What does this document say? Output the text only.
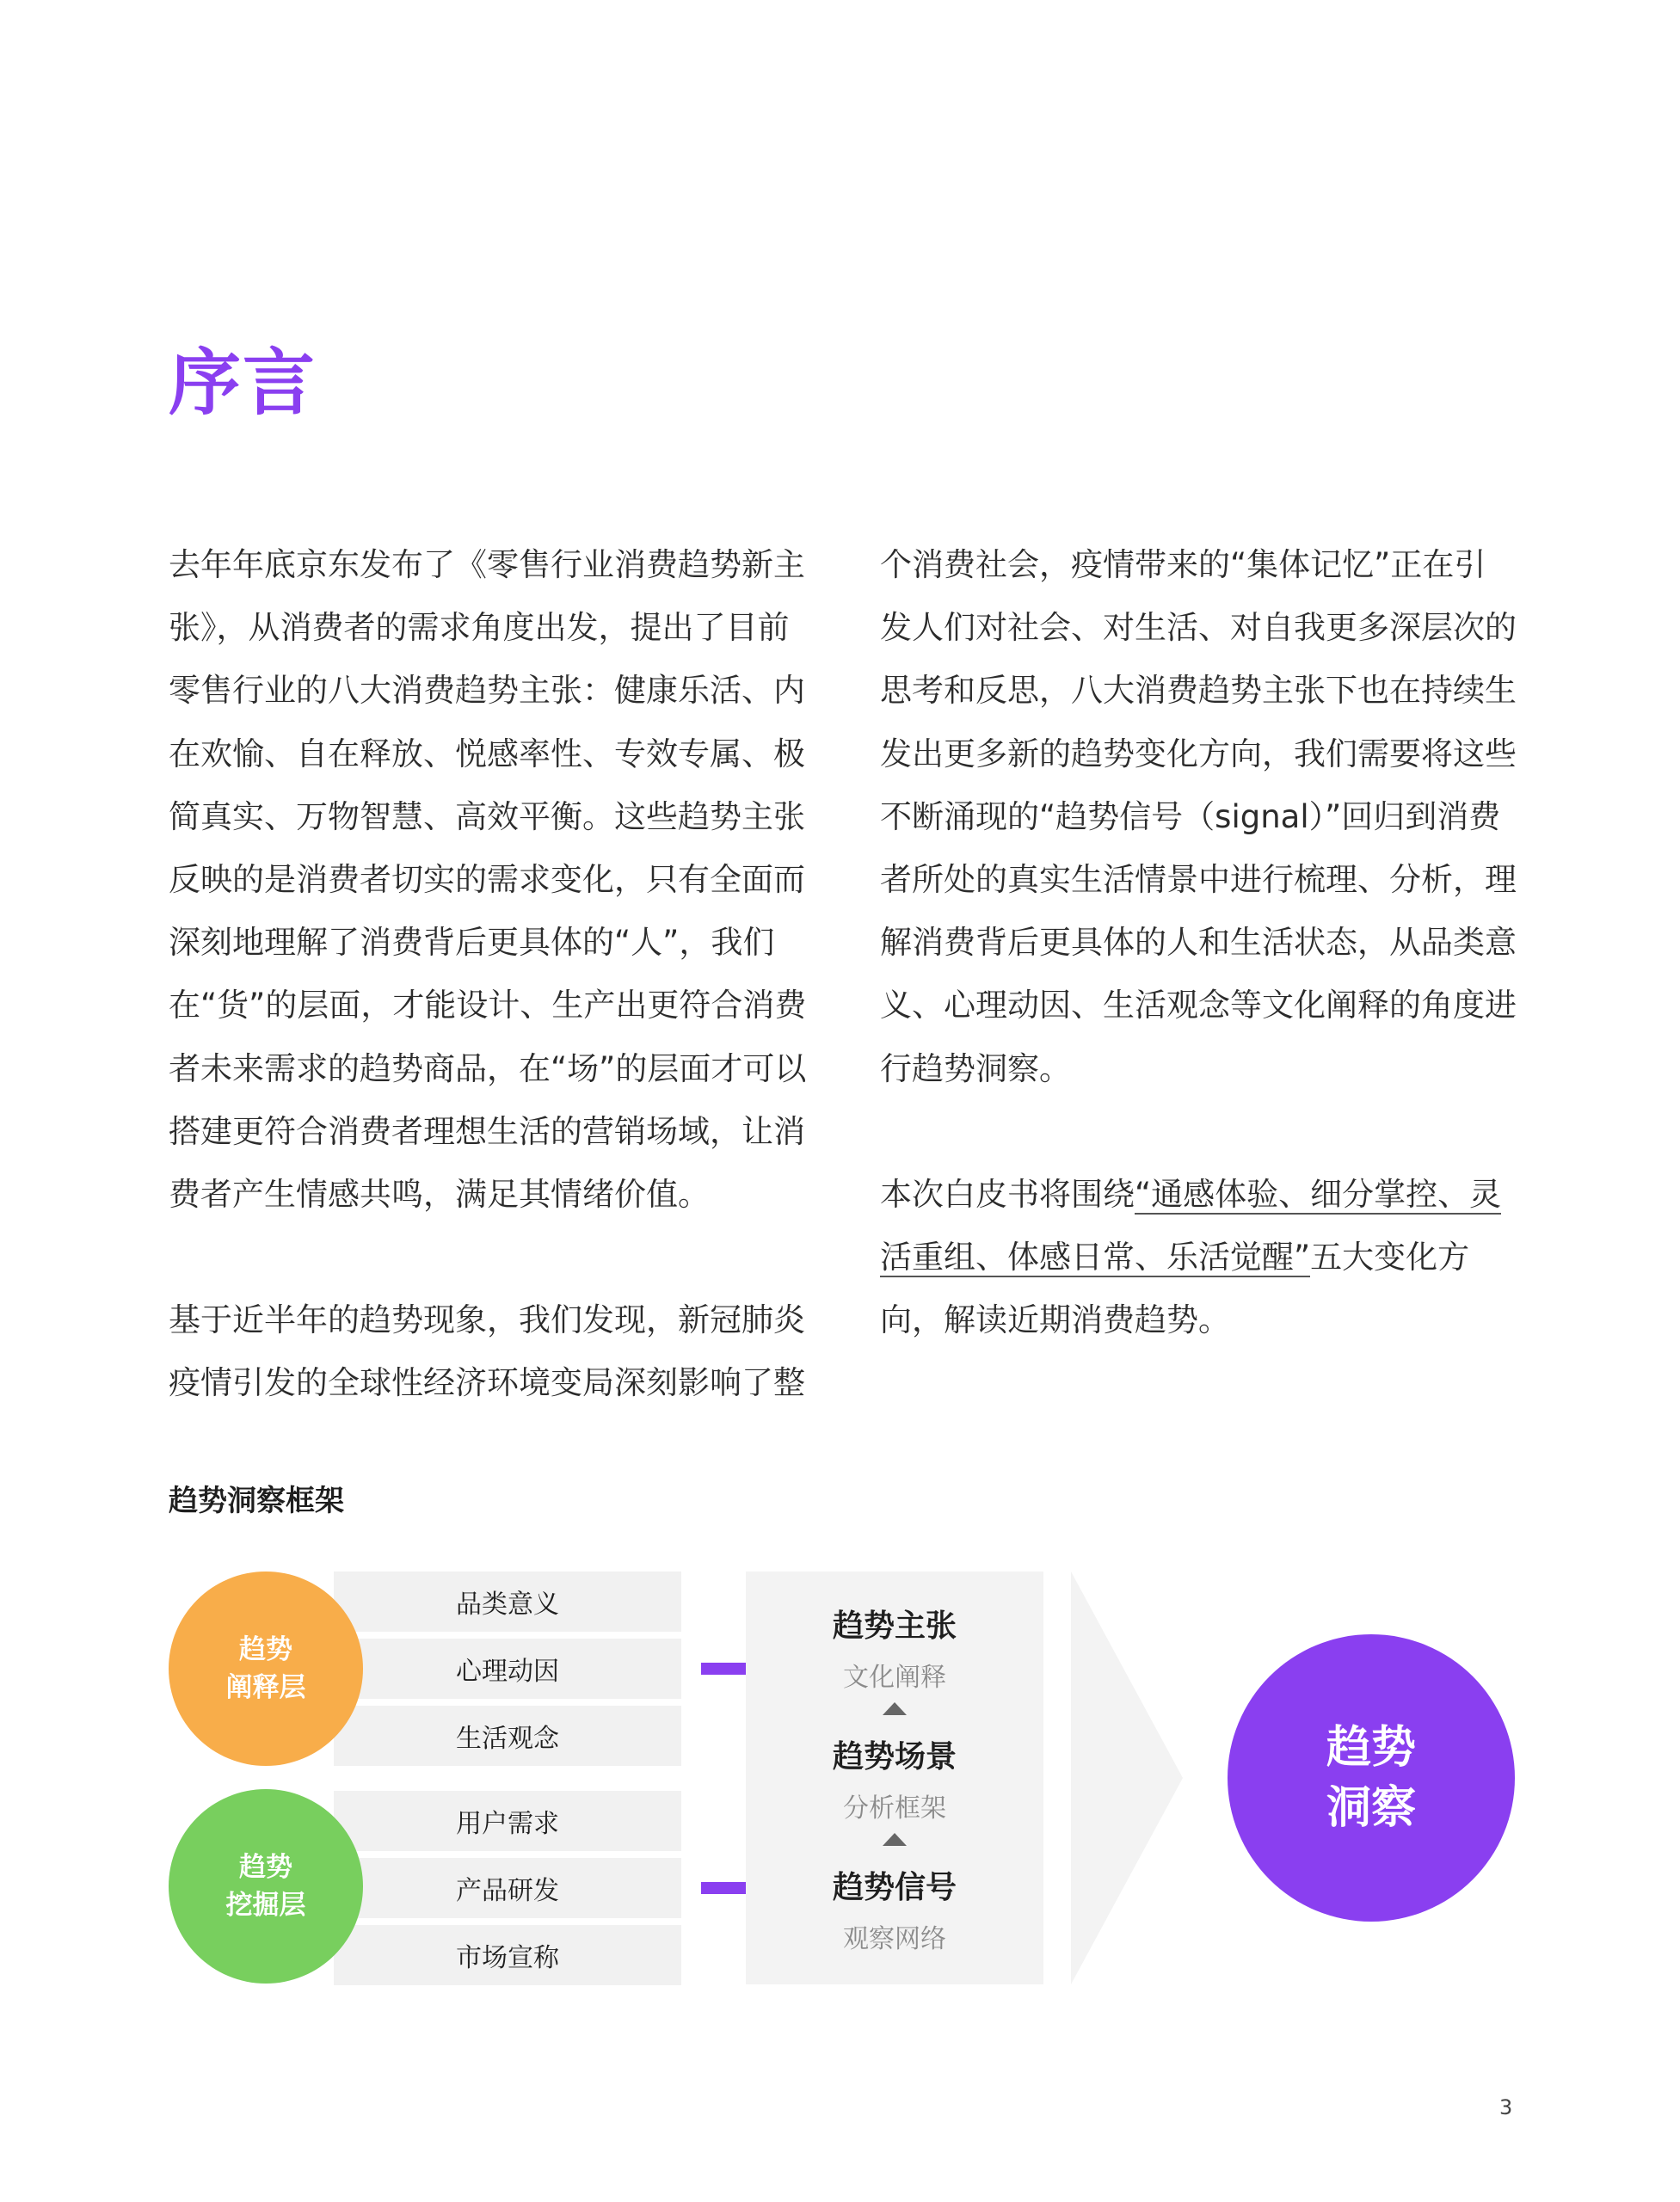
序言

去年年底京东发布了《零售行业消费趋势新主张》，从消费者的需求角度出发，提出了目前零售行业的八大消费趋势主张：健康乐活、内在欢愉、自在释放、悦感率性、专效专属、极简真实、万物智慧、高效平衡。这些趋势主张反映的是消费者切实的需求变化，只有全面而深刻地理解了消费背后更具体的“人”，我们在“货”的层面，才能设计、生产出更符合消费者未来需求的趋势商品，在“场”的层面才可以搭建更符合消费者理想生活的营销场域，让消费者产生情感共鸣，满足其情绪价值。

基于近半年的趋势现象，我们发现，新冠肺炎疫情引发的全球性经济环境变局深刻影响了整

个消费社会，疫情带来的“集体记忆”正在引发人们对社会、对生活、对自我更多深层次的思考和反思，八大消费趋势主张下也在持续生发出更多新的趋势变化方向，我们需要将这些不断涌现的“趋势信号（signal）”回归到消费者所处的真实生活情景中进行梳理、分析，理解消费背后更具体的人和生活状态，从品类意义、心理动因、生活观念等文化阐释的角度进行趋势洞察。

本次白皮书将围绕“通感体验、细分掌控、灵活重组、体感日常、乐活觉醒”五大变化方向，解读近期消费趋势。

趋势洞察框架
品类意义
心理动因
生活观念
用户需求
产品研发
市场宣称
趋势
阐释层
趋势
挖掘层
趋势主张
文化阐释
趋势场景
分析框架
趋势信号
观察网络
趋势
洞察
3
